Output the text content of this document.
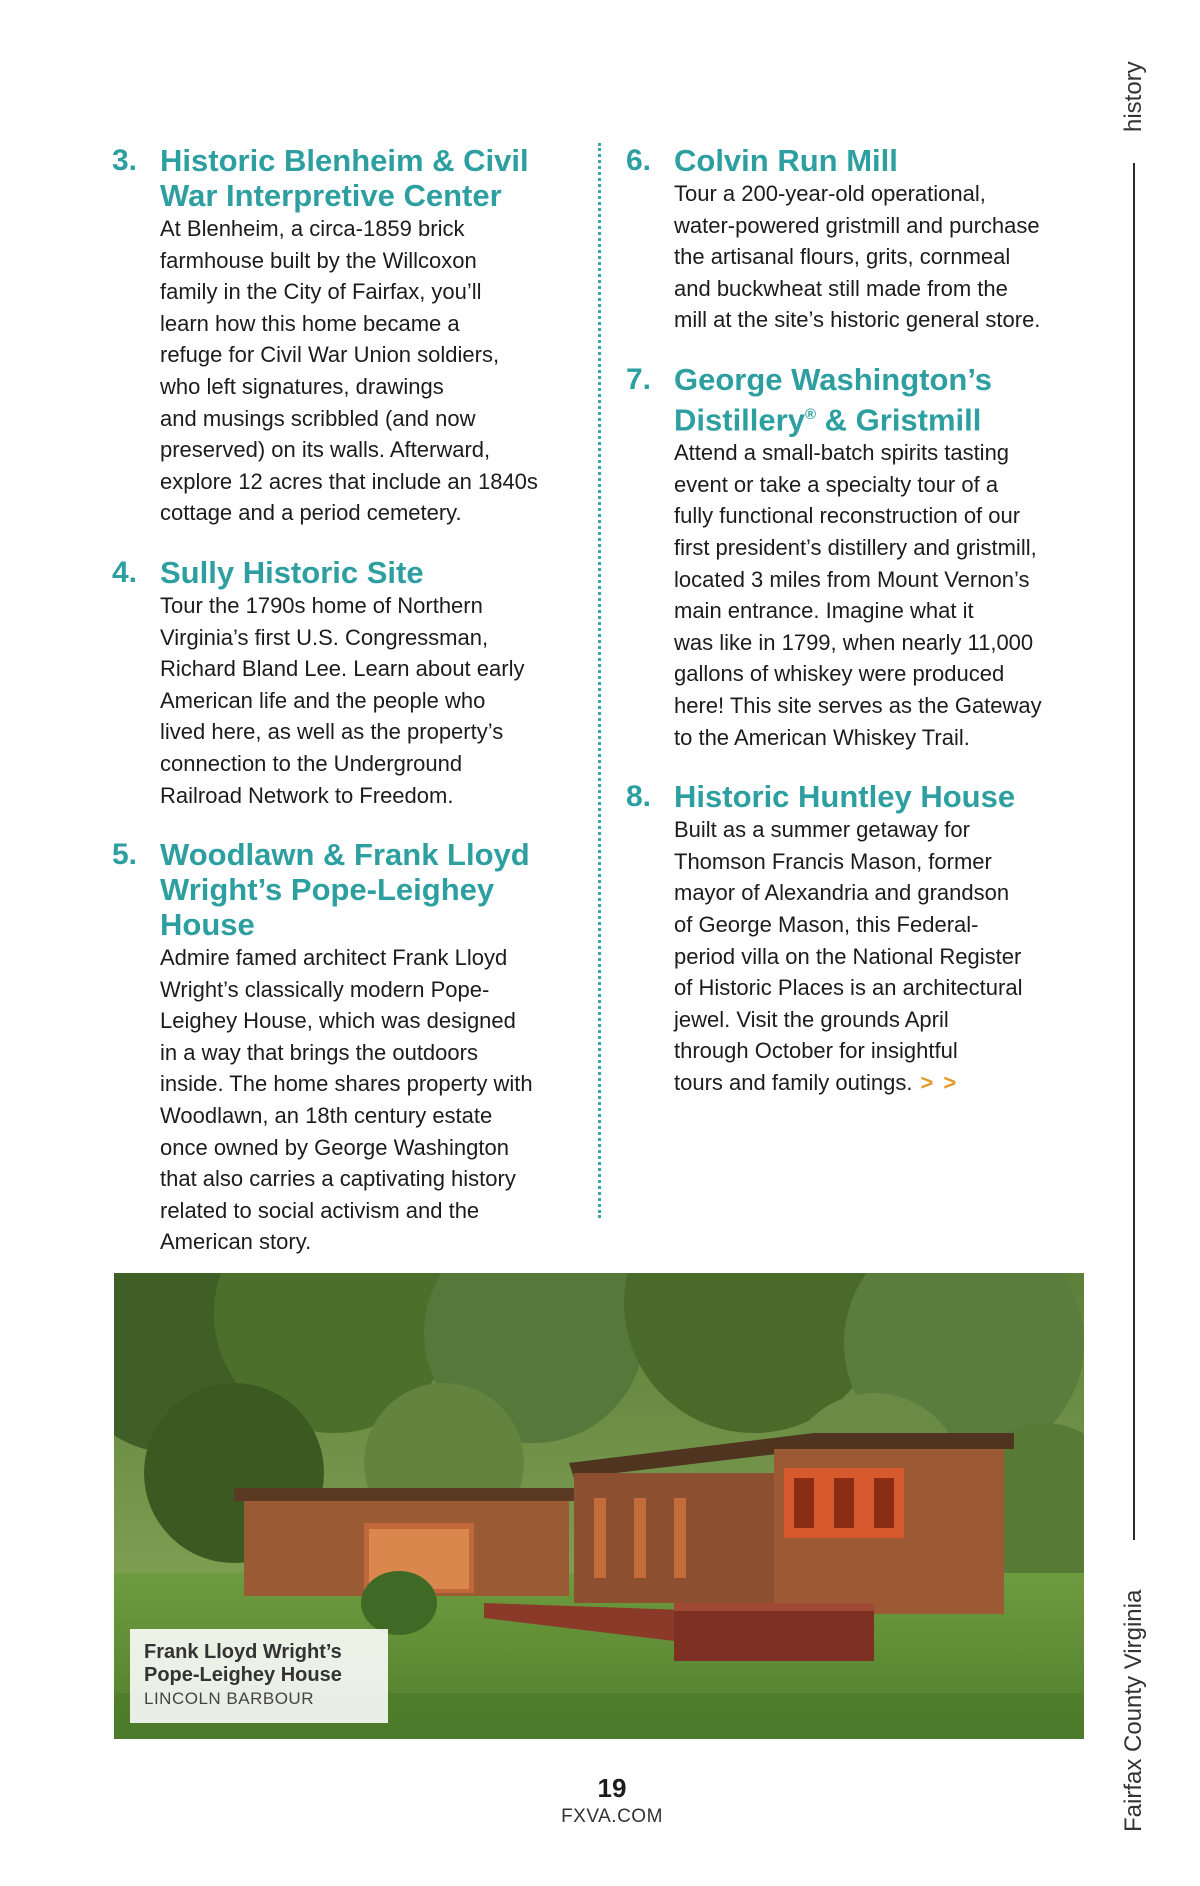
3. Historic Blenheim & Civil
War Interpretive Center

At Blenheim, a circa-1859 brick
farmhouse built by the Willcoxon
family in the City of Fairfax, you’ll
learn how this home became a
refuge for Civil War Union soldiers,
who left signatures, drawings
and musings scribbled (and now
preserved) on its walls. Afterward,
explore 12 acres that include an 1840s
cottage and a period cemetery.

4. Sully Historic Site

Tour the 1790s home of Northern
Virginia’s first U.S. Congressman,
Richard Bland Lee. Learn about early
American life and the people who
lived here, as well as the property’s
connection to the Underground
Railroad Network to Freedom.

5. Woodlawn & Frank Lloyd
Wright’s Pope-Leighey House

Admire famed architect Frank Lloyd
Wright’s classically modern Pope-
Leighey House, which was designed
in a way that brings the outdoors
inside. The home shares property with
Woodlawn, an 18th century estate
once owned by George Washington
that also carries a captivating history
related to social activism and the
American story.

6. Colvin Run Mill

Tour a 200-year-old operational,
water-powered gristmill and purchase
the artisanal flours, grits, cornmeal
and buckwheat still made from the
mill at the site’s historic general store.

7. George Washington’s
Distillery® & Gristmill

Attend a small-batch spirits tasting
event or take a specialty tour of a
fully functional reconstruction of our
first president’s distillery and gristmill,
located 3 miles from Mount Vernon’s
main entrance. Imagine what it
was like in 1799, when nearly 11,000
gallons of whiskey were produced
here! This site serves as the Gateway
to the American Whiskey Trail.

8. Historic Huntley House

Built as a summer getaway for
Thomson Francis Mason, former
mayor of Alexandria and grandson
of George Mason, this Federal-
period villa on the National Register
of Historic Places is an architectural
jewel. Visit the grounds April
through October for insightful
tours and family outings. > >

history
Fairfax County Virginia

Frank Lloyd Wright’s
Pope-Leighey House

LINCOLN BARBOUR

19
FXVA.COM
